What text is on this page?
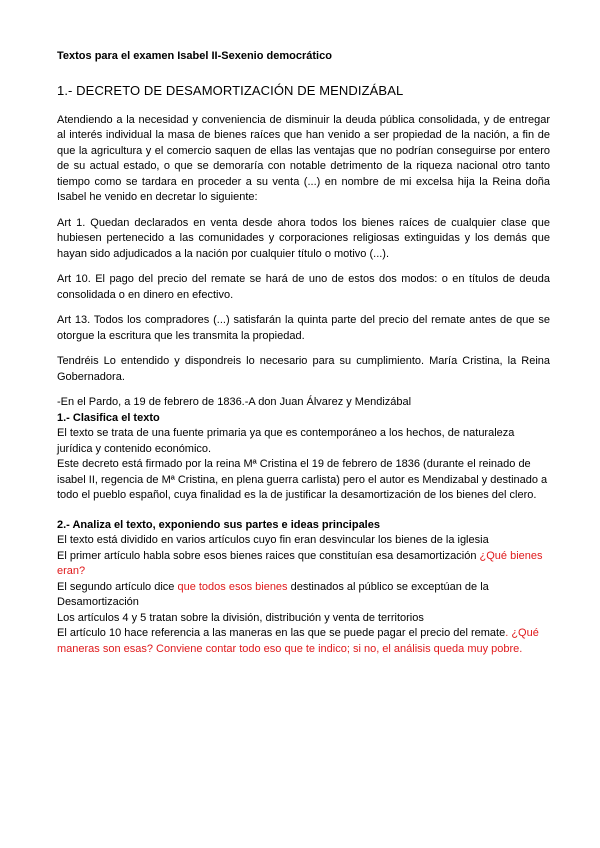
Textos para el examen Isabel II-Sexenio democrático

1.- DECRETO DE DESAMORTIZACIÓN DE MENDIZÁBAL

Atendiendo a la necesidad y conveniencia de disminuir la deuda pública consolidada, y de entregar al interés individual la masa de bienes raíces que han venido a ser propiedad de la nación, a fin de que la agricultura y el comercio saquen de ellas las ventajas que no podrían conseguirse por entero de su actual estado, o que se demoraría con notable detrimento de la riqueza nacional otro tanto tiempo como se tardara en proceder a su venta (...) en nombre de mi excelsa hija la Reina doña Isabel he venido en decretar lo siguiente:

Art 1. Quedan declarados en venta desde ahora todos los bienes raíces de cualquier clase que hubiesen pertenecido a las comunidades y corporaciones religiosas extinguidas y los demás que hayan sido adjudicados a la nación por cualquier título o motivo (...).

Art 10. El pago del precio del remate se hará de uno de estos dos modos: o en títulos de deuda consolidada o en dinero en efectivo.

Art 13. Todos los compradores (...) satisfarán la quinta parte del precio del remate antes de que se otorgue la escritura que les transmita la propiedad.

Tendréis Lo entendido y dispondreis lo necesario para su cumplimiento. María Cristina, la Reina Gobernadora.

-En el Pardo, a 19 de febrero de 1836.-A don Juan Álvarez y Mendizábal

1.- Clasifica el texto

El texto se trata de una fuente primaria ya que es contemporáneo a los hechos, de naturaleza jurídica y contenido económico.

Este decreto está firmado por la reina Mª Cristina el 19 de febrero de 1836 (durante el reinado de isabel II, regencia de Mª Cristina, en plena guerra carlista) pero el autor es Mendizabal y destinado a todo el pueblo español, cuya finalidad es la de justificar la desamortización de los bienes del clero.

2.- Analiza el texto, exponiendo sus partes e ideas principales

El texto está dividido en varios artículos cuyo fin eran desvincular los bienes de la iglesia

El primer artículo habla sobre esos bienes raices que constituían esa desamortización ¿Qué bienes eran?

El segundo artículo dice que todos esos bienes destinados al público se exceptúan de la Desamortización

Los artículos 4 y 5 tratan sobre la división, distribución y venta de territorios

El artículo 10 hace referencia a las maneras en las que se puede pagar el precio del remate. ¿Qué maneras son esas? Conviene contar todo eso que te indico; si no, el análisis queda muy pobre.
